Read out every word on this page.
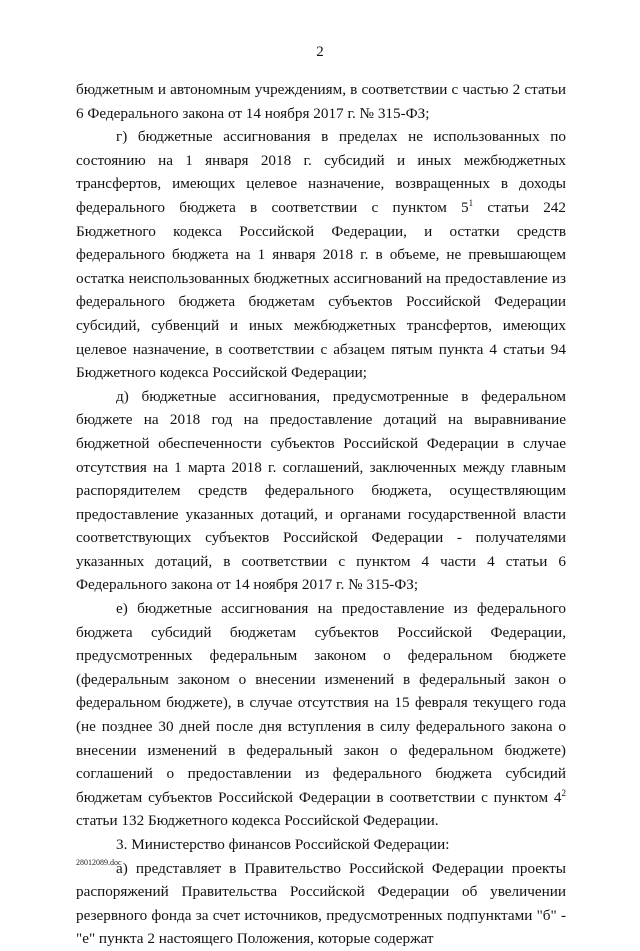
2

бюджетным и автономным учреждениям, в соответствии с частью 2 статьи 6 Федерального закона от 14 ноября 2017 г. № 315-ФЗ;

г) бюджетные ассигнования в пределах не использованных по состоянию на 1 января 2018 г. субсидий и иных межбюджетных трансфертов, имеющих целевое назначение, возвращенных в доходы федерального бюджета в соответствии с пунктом $5^1$ статьи 242 Бюджетного кодекса Российской Федерации, и остатки средств федерального бюджета на 1 января 2018 г. в объеме, не превышающем остатка неиспользованных бюджетных ассигнований на предоставление из федерального бюджета бюджетам субъектов Российской Федерации субсидий, субвенций и иных межбюджетных трансфертов, имеющих целевое назначение, в соответствии с абзацем пятым пункта 4 статьи 94 Бюджетного кодекса Российской Федерации;

д) бюджетные ассигнования, предусмотренные в федеральном бюджете на 2018 год на предоставление дотаций на выравнивание бюджетной обеспеченности субъектов Российской Федерации в случае отсутствия на 1 марта 2018 г. соглашений, заключенных между главным распорядителем средств федерального бюджета, осуществляющим предоставление указанных дотаций, и органами государственной власти соответствующих субъектов Российской Федерации - получателями указанных дотаций, в соответствии с пунктом 4 части 4 статьи 6 Федерального закона от 14 ноября 2017 г. № 315-ФЗ;

е) бюджетные ассигнования на предоставление из федерального бюджета субсидий бюджетам субъектов Российской Федерации, предусмотренных федеральным законом о федеральном бюджете (федеральным законом о внесении изменений в федеральный закон о федеральном бюджете), в случае отсутствия на 15 февраля текущего года (не позднее 30 дней после дня вступления в силу федерального закона о внесении изменений в федеральный закон о федеральном бюджете) соглашений о предоставлении из федерального бюджета субсидий бюджетам субъектов Российской Федерации в соответствии с пунктом $4^2$ статьи 132 Бюджетного кодекса Российской Федерации.

3. Министерство финансов Российской Федерации:

а) представляет в Правительство Российской Федерации проекты распоряжений Правительства Российской Федерации об увеличении резервного фонда за счет источников, предусмотренных подпунктами "б" - "е" пункта 2 настоящего Положения, которые содержат

28012089.doc
